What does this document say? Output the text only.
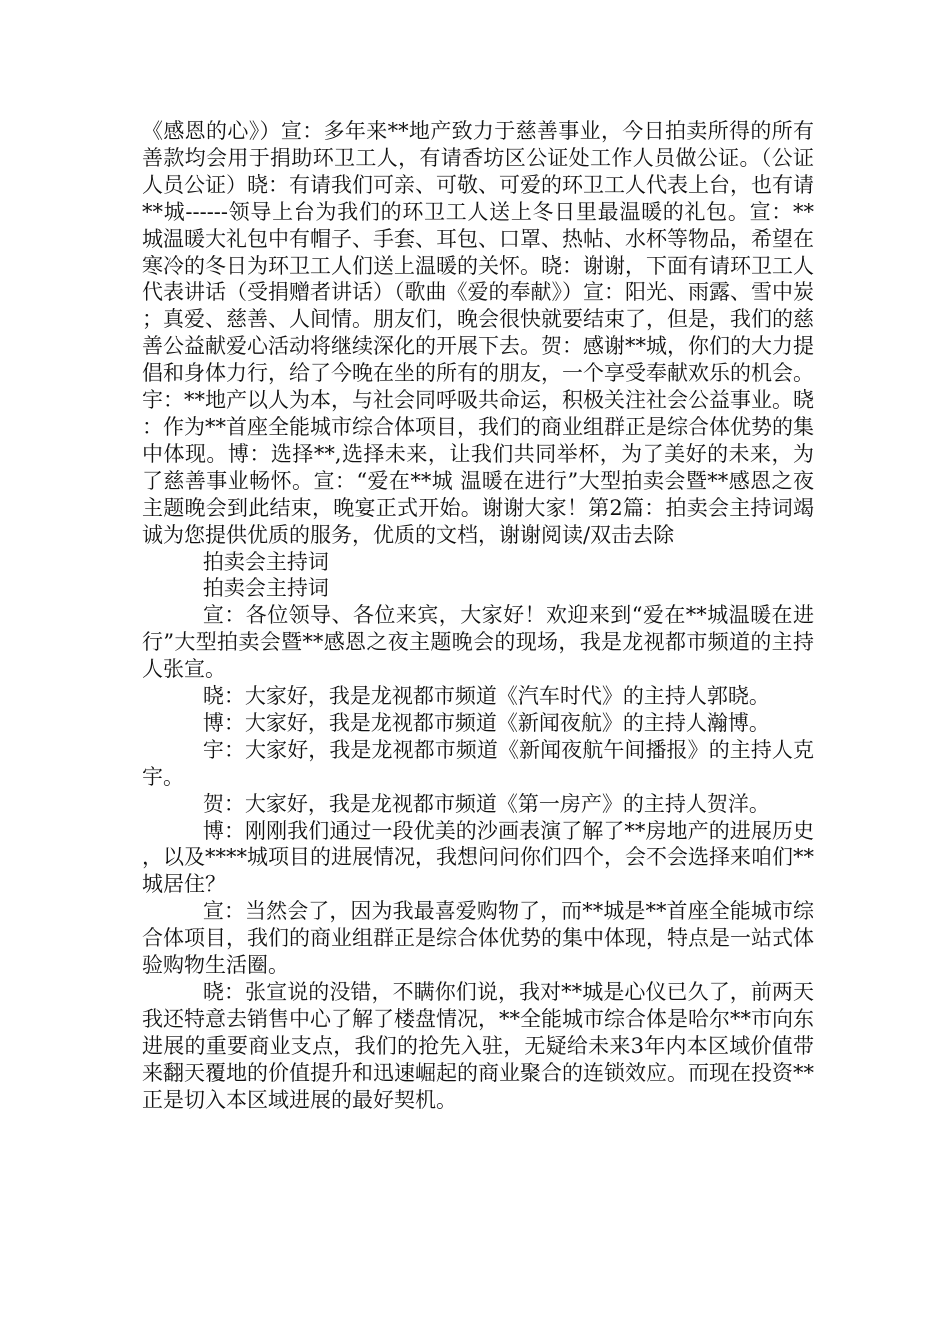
《感恩的心》）宣：多年来**地产致力于慈善事业，今日拍卖所得的所有善款均会用于捐助环卫工人，有请香坊区公证处工作人员做公证。（公证人员公证）晓：有请我们可亲、可敬、可爱的环卫工人代表上台，也有请**城------领导上台为我们的环卫工人送上冬日里最温暖的礼包。宣：**城温暖大礼包中有帽子、手套、耳包、口罩、热帖、水杯等物品，希望在寒冷的冬日为环卫工人们送上温暖的关怀。晓：谢谢，下面有请环卫工人代表讲话（受捐赠者讲话）（歌曲《爱的奉献》）宣：阳光、雨露、雪中炭；真爱、慈善、人间情。朋友们，晚会很快就要结束了，但是，我们的慈善公益献爱心活动将继续深化的开展下去。贺：感谢**城，你们的大力提倡和身体力行，给了今晚在坐的所有的朋友，一个享受奉献欢乐的机会。宇：**地产以人为本，与社会同呼吸共命运，积极关注社会公益事业。晓：作为**首座全能城市综合体项目，我们的商业组群正是综合体优势的集中体现。博：选择**,选择未来，让我们共同举杯，为了美好的未来，为了慈善事业畅怀。宣：“爱在**城 温暖在进行”大型拍卖会暨**感恩之夜主题晚会到此结束，晚宴正式开始。谢谢大家！第2篇：拍卖会主持词竭诚为您提供优质的服务，优质的文档，谢谢阅读/双击去除

拍卖会主持词

拍卖会主持词

宣：各位领导、各位来宾，大家好！欢迎来到“爱在**城温暖在进行”大型拍卖会暨**感恩之夜主题晚会的现场，我是龙视都市频道的主持人张宣。

晓：大家好，我是龙视都市频道《汽车时代》的主持人郭晓。

博：大家好，我是龙视都市频道《新闻夜航》的主持人瀚博。

宇：大家好，我是龙视都市频道《新闻夜航午间播报》的主持人克宇。

贺：大家好，我是龙视都市频道《第一房产》的主持人贺洋。

博：刚刚我们通过一段优美的沙画表演了解了**房地产的进展历史，以及****城项目的进展情况，我想问问你们四个，会不会选择来咱们**城居住？

宣：当然会了，因为我最喜爱购物了，而**城是**首座全能城市综合体项目，我们的商业组群正是综合体优势的集中体现，特点是一站式体验购物生活圈。

晓：张宣说的没错，不瞒你们说，我对**城是心仪已久了，前两天我还特意去销售中心了解了楼盘情况，**全能城市综合体是哈尔**市向东进展的重要商业支点，我们的抢先入驻，无疑给未来3年内本区域价值带来翻天覆地的价值提升和迅速崛起的商业聚合的连锁效应。而现在投资**正是切入本区域进展的最好契机。
